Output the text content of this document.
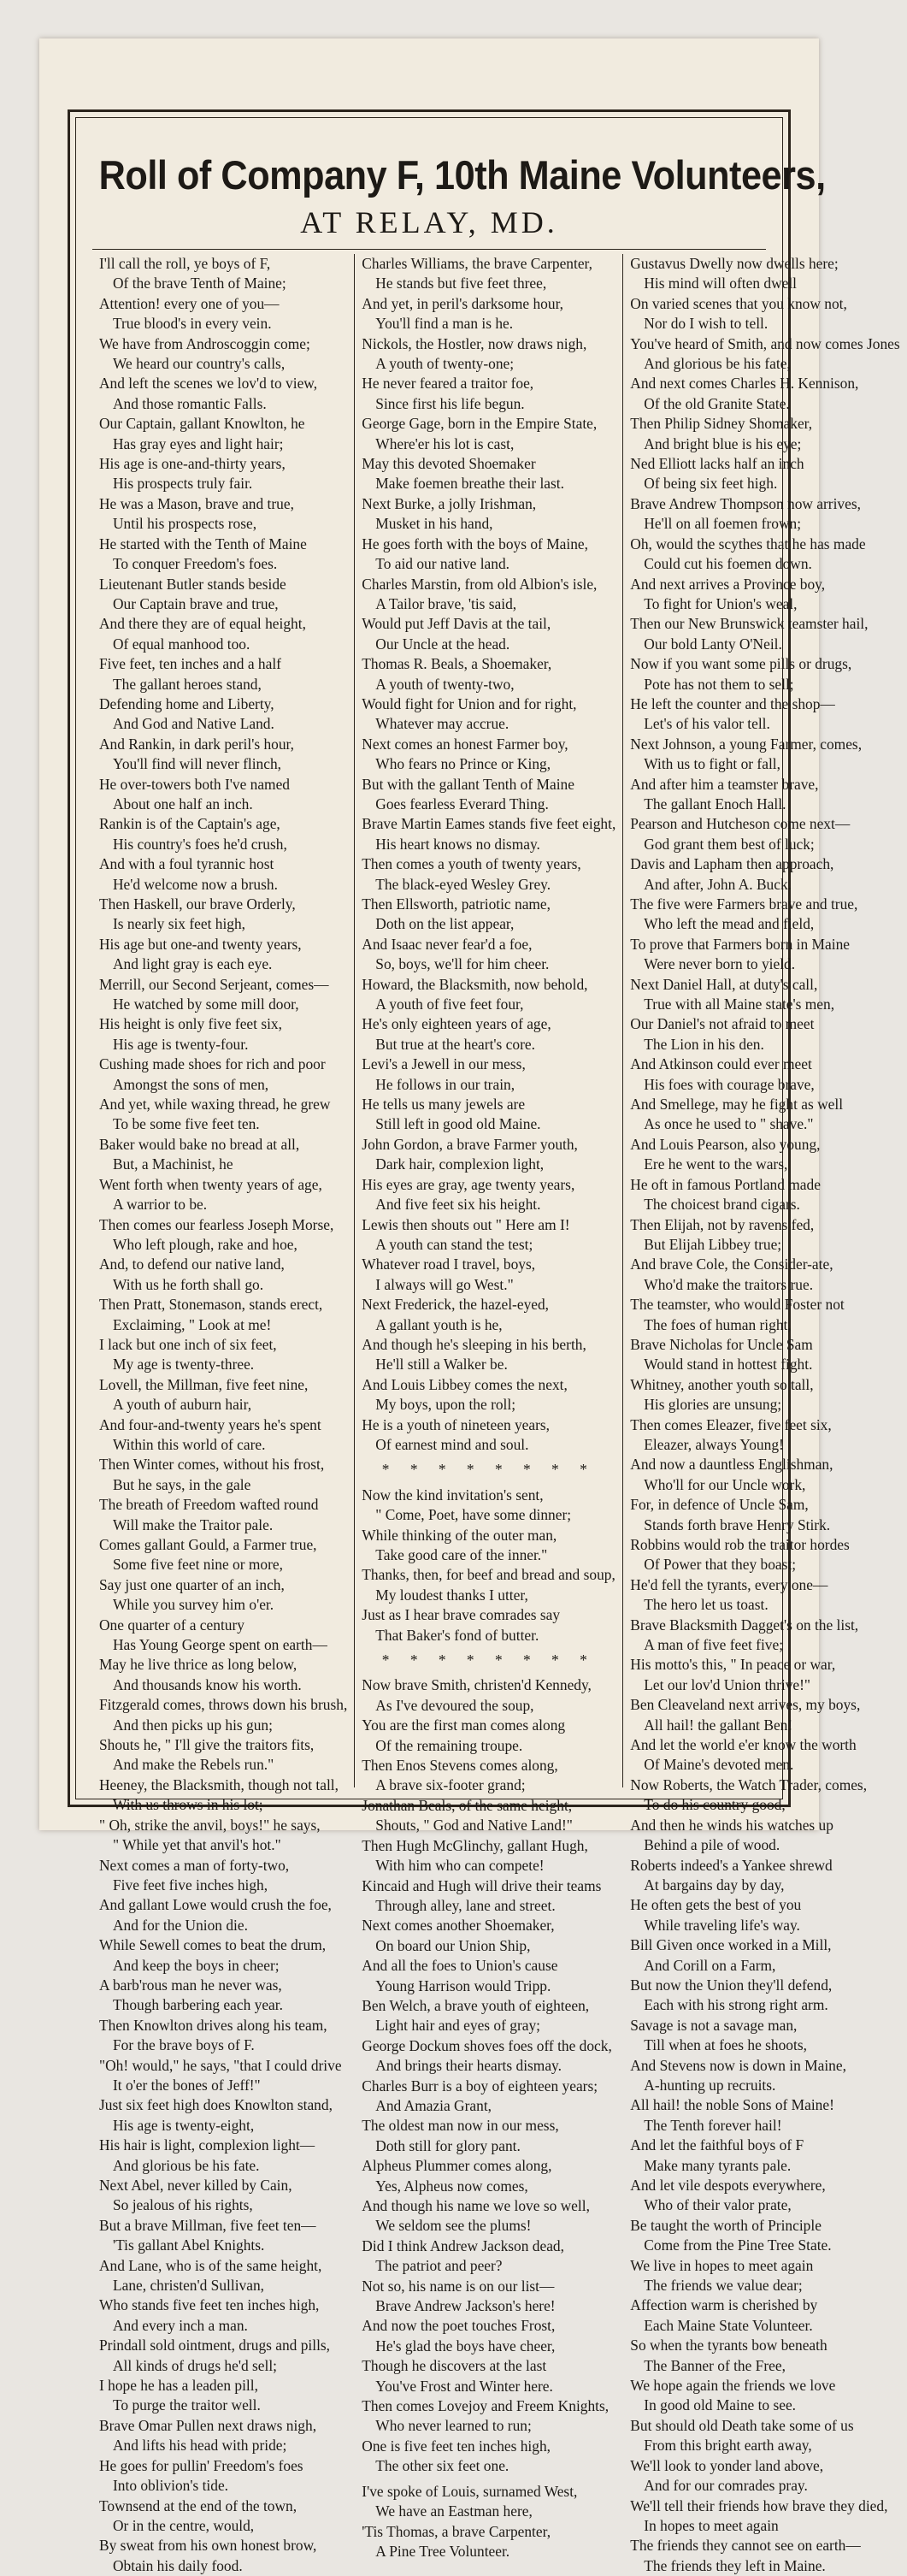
Roll of Company F, 10th Maine Volunteers,
AT RELAY, MD.
I'll call the roll, ye boys of F,
Of the brave Tenth of Maine;
Attention! every one of you—
True blood's in every vein.
We have from Androscoggin come;
We heard our country's calls,
And left the scenes we lov'd to view,
And those romantic Falls.
Our Captain, gallant Knowlton, he
Has gray eyes and light hair;
His age is one-and-thirty years,
His prospects truly fair.
He was a Mason, brave and true,
Until his prospects rose,
He started with the Tenth of Maine
To conquer Freedom's foes.
Lieutenant Butler stands beside
Our Captain brave and true,
And there they are of equal height,
Of equal manhood too.
Five feet, ten inches and a half
The gallant heroes stand,
Defending home and Liberty,
And God and Native Land.
And Rankin, in dark peril's hour,
You'll find will never flinch,
He over-towers both I've named
About one half an inch.
Rankin is of the Captain's age,
His country's foes he'd crush,
And with a foul tyrannic host
He'd welcome now a brush.
Then Haskell, our brave Orderly,
Is nearly six feet high,
His age but one-and twenty years,
And light gray is each eye.
Merrill, our Second Serjeant, comes—
He watched by some mill door,
His height is only five feet six,
His age is twenty-four.
Cushing made shoes for rich and poor
Amongst the sons of men,
And yet, while waxing thread, he grew
To be some five feet ten.
Baker would bake no bread at all,
But, a Machinist, he
Went forth when twenty years of age,
A warrior to be.
Then comes our fearless Joseph Morse,
Who left plough, rake and hoe,
And, to defend our native land,
With us he forth shall go.
Then Pratt, Stonemason, stands erect,
Exclaiming, " Look at me!
I lack but one inch of six feet,
My age is twenty-three.
Lovell, the Millman, five feet nine,
A youth of auburn hair,
And four-and-twenty years he's spent
Within this world of care.
Then Winter comes, without his frost,
But he says, in the gale
The breath of Freedom wafted round
Will make the Traitor pale.
Comes gallant Gould, a Farmer true,
Some five feet nine or more,
Say just one quarter of an inch,
While you survey him o'er.
One quarter of a century
Has Young George spent on earth—
May he live thrice as long below,
And thousands know his worth.
Fitzgerald comes, throws down his brush,
And then picks up his gun;
Shouts he, " I'll give the traitors fits,
And make the Rebels run."
Heeney, the Blacksmith, though not tall,
With us throws in his lot;
" Oh, strike the anvil, boys!" he says,
" While yet that anvil's hot."
Next comes a man of forty-two,
Five feet five inches high,
And gallant Lowe would crush the foe,
And for the Union die.
While Sewell comes to beat the drum,
And keep the boys in cheer;
A barb'rous man he never was,
Though barbering each year.
Then Knowlton drives along his team,
For the brave boys of F.
"Oh! would," he says, "that I could drive
It o'er the bones of Jeff!"
Just six feet high does Knowlton stand,
His age is twenty-eight,
His hair is light, complexion light—
And glorious be his fate.
Next Abel, never killed by Cain,
So jealous of his rights,
But a brave Millman, five feet ten—
'Tis gallant Abel Knights.
And Lane, who is of the same height,
Lane, christen'd Sullivan,
Who stands five feet ten inches high,
And every inch a man.
Prindall sold ointment, drugs and pills,
All kinds of drugs he'd sell;
I hope he has a leaden pill,
To purge the traitor well.
Brave Omar Pullen next draws nigh,
And lifts his head with pride;
He goes for pullin' Freedom's foes
Into oblivion's tide.
Townsend at the end of the town,
Or in the centre, would,
By sweat from his own honest brow,
Obtain his daily food.
Charles Williams, the brave Carpenter,
He stands but five feet three,
And yet, in peril's darksome hour,
You'll find a man is he.
Nickols, the Hostler, now draws nigh,
A youth of twenty-one;
He never feared a traitor foe,
Since first his life begun.
George Gage, born in the Empire State,
Where'er his lot is cast,
May this devoted Shoemaker
Make foemen breathe their last.
Next Burke, a jolly Irishman,
Musket in his hand,
He goes forth with the boys of Maine,
To aid our native land.
Charles Marstin, from old Albion's isle,
A Tailor brave, 'tis said,
Would put Jeff Davis at the tail,
Our Uncle at the head.
Thomas R. Beals, a Shoemaker,
A youth of twenty-two,
Would fight for Union and for right,
Whatever may accrue.
Next comes an honest Farmer boy,
Who fears no Prince or King,
But with the gallant Tenth of Maine
Goes fearless Everard Thing.
Brave Martin Eames stands five feet eight,
His heart knows no dismay.
Then comes a youth of twenty years,
The black-eyed Wesley Grey.
Then Ellsworth, patriotic name,
Doth on the list appear,
And Isaac never fear'd a foe,
So, boys, we'll for him cheer.
Howard, the Blacksmith, now behold,
A youth of five feet four,
He's only eighteen years of age,
But true at the heart's core.
Levi's a Jewell in our mess,
He follows in our train,
He tells us many jewels are
Still left in good old Maine.
John Gordon, a brave Farmer youth,
Dark hair, complexion light,
His eyes are gray, age twenty years,
And five feet six his height.
Lewis then shouts out " Here am I!
A youth can stand the test;
Whatever road I travel, boys,
I always will go West."
Next Frederick, the hazel-eyed,
A gallant youth is he,
And though he's sleeping in his berth,
He'll still a Walker be.
And Louis Libbey comes the next,
My boys, upon the roll;
He is a youth of nineteen years,
Of earnest mind and soul.
* * * * * * * *
Now the kind invitation's sent,
" Come, Poet, have some dinner;
While thinking of the outer man,
Take good care of the inner."
Thanks, then, for beef and bread and soup,
My loudest thanks I utter,
Just as I hear brave comrades say
That Baker's fond of butter.
* * * * * * * *
Now brave Smith, christen'd Kennedy,
As I've devoured the soup,
You are the first man comes along
Of the remaining troupe.
Then Enos Stevens comes along,
A brave six-footer grand;
Jonathan Beals, of the same height,
Shouts, " God and Native Land!"
Then Hugh McGlinchy, gallant Hugh,
With him who can compete!
Kincaid and Hugh will drive their teams
Through alley, lane and street.
Next comes another Shoemaker,
On board our Union Ship,
And all the foes to Union's cause
Young Harrison would Tripp.
Ben Welch, a brave youth of eighteen,
Light hair and eyes of gray;
George Dockum shoves foes off the dock,
And brings their hearts dismay.
Charles Burr is a boy of eighteen years;
And Amazia Grant,
The oldest man now in our mess,
Doth still for glory pant.
Alpheus Plummer comes along,
Yes, Alpheus now comes,
And though his name we love so well,
We seldom see the plums!
Did I think Andrew Jackson dead,
The patriot and peer?
Not so, his name is on our list—
Brave Andrew Jackson's here!
And now the poet touches Frost,
He's glad the boys have cheer,
Though he discovers at the last
You've Frost and Winter here.
Then comes Lovejoy and Freem Knights,
Who never learned to run;
One is five feet ten inches high,
The other six feet one.
I've spoke of Louis, surnamed West,
We have an Eastman here,
'Tis Thomas, a brave Carpenter,
A Pine Tree Volunteer.
Gustavus Dwelly now dwells here;
His mind will often dwell
On varied scenes that you know not,
Nor do I wish to tell.
You've heard of Smith, and now comes Jones
And glorious be his fate,
And next comes Charles H. Kennison,
Of the old Granite State.
Then Philip Sidney Shomaker,
And bright blue is his eye;
Ned Elliott lacks half an inch
Of being six feet high.
Brave Andrew Thompson now arrives,
He'll on all foemen frown;
Oh, would the scythes that he has made
Could cut his foemen down.
And next arrives a Province boy,
To fight for Union's weal,
Then our New Brunswick teamster hail,
Our bold Lanty O'Neil.
Now if you want some pills or drugs,
Pote has not them to sell;
He left the counter and the shop—
Let's of his valor tell.
Next Johnson, a young Farmer, comes,
With us to fight or fall,
And after him a teamster brave,
The gallant Enoch Hall.
Pearson and Hutcheson come next—
God grant them best of luck;
Davis and Lapham then approach,
And after, John A. Buck.
The five were Farmers brave and true,
Who left the mead and field,
To prove that Farmers born in Maine
Were never born to yield.
Next Daniel Hall, at duty's call,
True with all Maine state's men,
Our Daniel's not afraid to meet
The Lion in his den.
And Atkinson could ever meet
His foes with courage brave,
And Smellege, may he fight as well
As once he used to " shave."
And Louis Pearson, also young,
Ere he went to the wars,
He oft in famous Portland made
The choicest brand cigars.
Then Elijah, not by ravens fed,
But Elijah Libbey true;
And brave Cole, the Consider-ate,
Who'd make the traitors rue.
The teamster, who would Foster not
The foes of human right,
Brave Nicholas for Uncle Sam
Would stand in hottest fight.
Whitney, another youth so tall,
His glories are unsung;
Then comes Eleazer, five feet six,
Eleazer, always Young!
And now a dauntless Englishman,
Who'll for our Uncle work,
For, in defence of Uncle Sam,
Stands forth brave Henry Stirk.
Robbins would rob the traitor hordes
Of Power that they boast;
He'd fell the tyrants, every one—
The hero let us toast.
Brave Blacksmith Dagget's on the list,
A man of five feet five;
His motto's this, " In peace or war,
Let our lov'd Union thrive!"
Ben Cleaveland next arrives, my boys,
All hail! the gallant Ben!
And let the world e'er know the worth
Of Maine's devoted men.
Now Roberts, the Watch Trader, comes,
To do his country good,
And then he winds his watches up
Behind a pile of wood.
Roberts indeed's a Yankee shrewd
At bargains day by day,
He often gets the best of you
While traveling life's way.
Bill Given once worked in a Mill,
And Corill on a Farm,
But now the Union they'll defend,
Each with his strong right arm.
Savage is not a savage man,
Till when at foes he shoots,
And Stevens now is down in Maine,
A-hunting up recruits.
All hail! the noble Sons of Maine!
The Tenth forever hail!
And let the faithful boys of F
Make many tyrants pale.
And let vile despots everywhere,
Who of their valor prate,
Be taught the worth of Principle
Come from the Pine Tree State.
We live in hopes to meet again
The friends we value dear;
Affection warm is cherished by
Each Maine State Volunteer.
So when the tyrants bow beneath
The Banner of the Free,
We hope again the friends we love
In good old Maine to see.
But should old Death take some of us
From this bright earth away,
We'll look to yonder land above,
And for our comrades pray.
We'll tell their friends how brave they died,
In hopes to meet again
The friends they cannot see on earth—
The friends they left in Maine.
